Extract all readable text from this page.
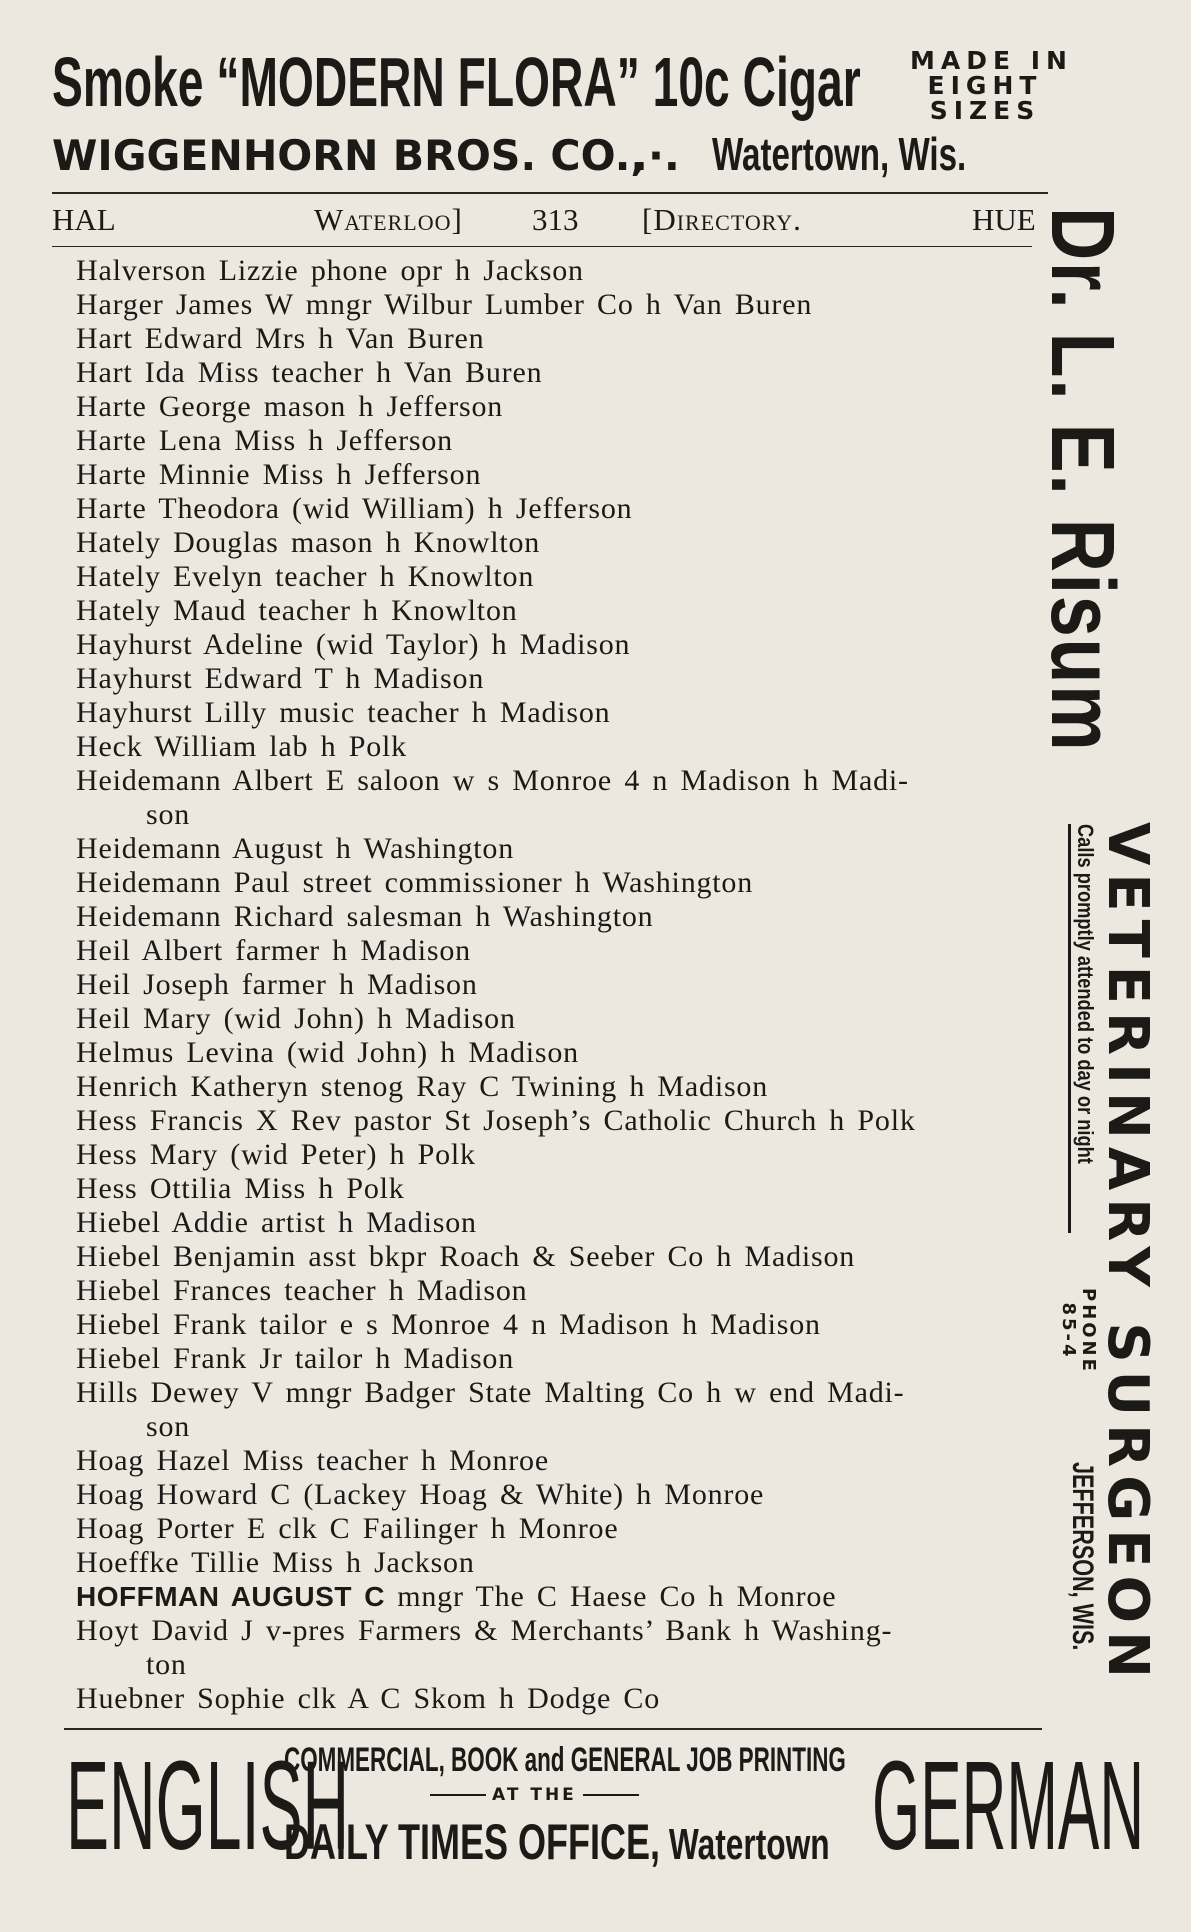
Smoke “MODERN FLORA” 10c Cigar MADE IN
EIGHT
SIZES
WIGGENHORN BROS. CO.,.·. Watertown, Wis.
HAL	Waterloo] 313 [Directory.	HUE
Halverson Lizzie phone opr h Jackson
Harger James W mngr Wilbur Lumber Co h Van Buren
Hart Edward Mrs h Van Buren
Hart Ida Miss teacher h Van Buren
Harte George mason h Jefferson
Harte Lena Miss h Jefferson
Harte Minnie Miss h Jefferson
Harte Theodora (wid William) h Jefferson
Hately Douglas mason h Knowlton
Hately Evelyn teacher h Knowlton
Hately Maud teacher h Knowlton
Hayhurst Adeline (wid Taylor) h Madison
Hayhurst Edward T h Madison
Hayhurst Lilly music teacher h Madison
Heck William lab h Polk
Heidemann Albert E saloon w s Monroe 4 n Madison h Madi-
son
Heidemann August h Washington
Heidemann Paul street commissioner h Washington
Heidemann Richard salesman h Washington
Heil Albert farmer h Madison
Heil Joseph farmer h Madison
Heil Mary (wid John) h Madison
Helmus Levina (wid John) h Madison
Henrich Katheryn stenog Ray C Twining h Madison
Hess Francis X Rev pastor St Joseph’s Catholic Church h Polk
Hess Mary (wid Peter) h Polk
Hess Ottilia Miss h Polk
Hiebel Addie artist h Madison
Hiebel Benjamin asst bkpr Roach & Seeber Co h Madison
Hiebel Frances teacher h Madison
Hiebel Frank tailor e s Monroe 4 n Madison h Madison
Hiebel Frank Jr tailor h Madison
Hills Dewey V mngr Badger State Malting Co h w end Madi-
son
Hoag Hazel Miss teacher h Monroe
Hoag Howard C (Lackey Hoag & White) h Monroe
Hoag Porter E clk C Failinger h Monroe
Hoeffke Tillie Miss h Jackson
HOFFMAN AUGUST C mngr The C Haese Co h Monroe
Hoyt David J v-pres Farmers & Merchants’ Bank h Washing-
ton
Huebner Sophie clk A C Skom h Dodge Co
Dr. L. E. Risum
VETERINARY SURGEON
Calls promptly attended to day or night
PHONE
85-4
JEFFERSON, WIS.
ENGLISH
COMMERCIAL, BOOK and GENERAL JOB PRINTING
AT THE
DAILY TIMES OFFICE, Watertown GERMAN
